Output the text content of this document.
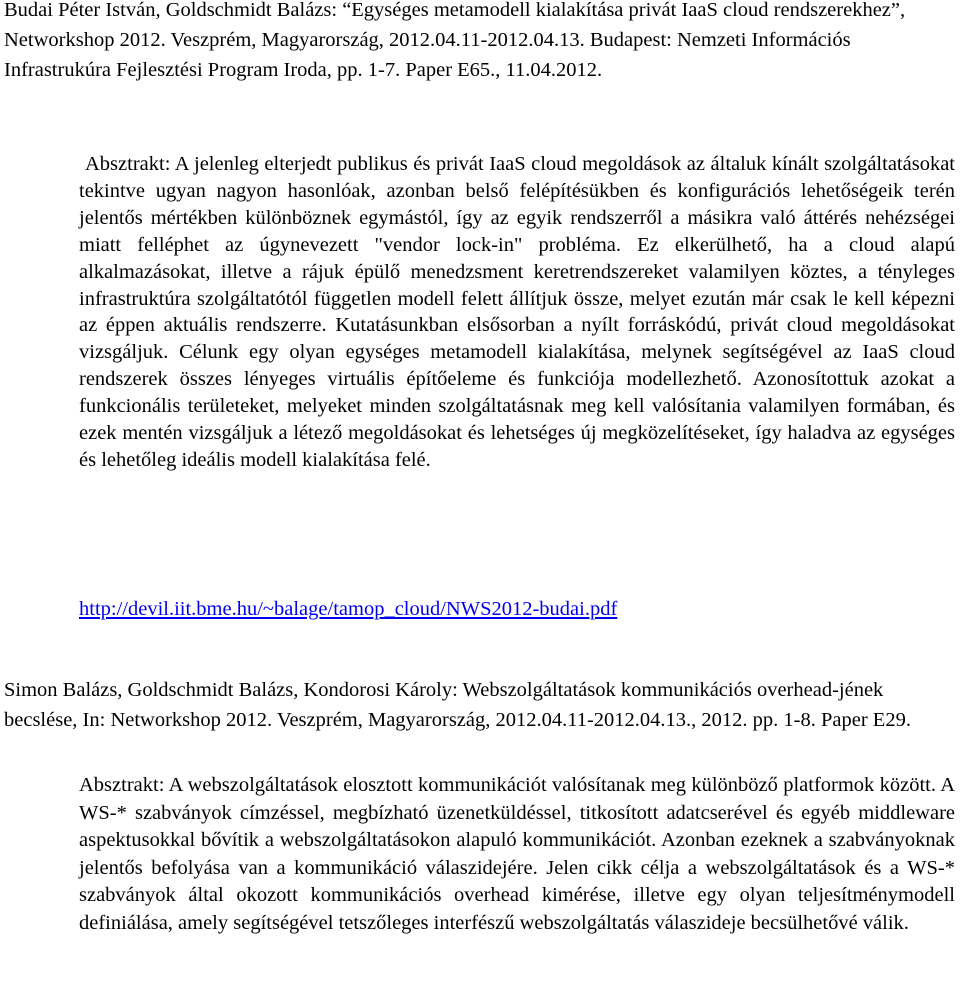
Budai Péter István, Goldschmidt Balázs: “Egységes metamodell kialakítása privát IaaS cloud rendszerekhez”, Networkshop 2012. Veszprém, Magyarország, 2012.04.11-2012.04.13. Budapest: Nemzeti Információs Infrastrukúra Fejlesztési Program Iroda, pp. 1-7. Paper E65., 11.04.2012.

Absztrakt: A jelenleg elterjedt publikus és privát IaaS cloud megoldások az általuk kínált szolgáltatásokat tekintve ugyan nagyon hasonlóak, azonban belső felépítésükben és konfigurációs lehetőségeik terén jelentős mértékben különböznek egymástól, így az egyik rendszerről a másikra való áttérés nehézségei miatt felléphet az úgynevezett "vendor lock-in" probléma. Ez elkerülhető, ha a cloud alapú alkalmazásokat, illetve a rájuk épülő menedzsment keretrendszereket valamilyen köztes, a tényleges infrastruktúra szolgáltatótól független modell felett állítjuk össze, melyet ezután már csak le kell képezni az éppen aktuális rendszerre. Kutatásunkban elsősorban a nyílt forráskódú, privát cloud megoldásokat vizsgáljuk. Célunk egy olyan egységes metamodell kialakítása, melynek segítségével az IaaS cloud rendszerek összes lényeges virtuális építőeleme és funkciója modellezhető. Azonosítottuk azokat a funkcionális területeket, melyeket minden szolgáltatásnak meg kell valósítania valamilyen formában, és ezek mentén vizsgáljuk a létező megoldásokat és lehetséges új megközelítéseket, így haladva az egységes és lehetőleg ideális modell kialakítása felé.

http://devil.iit.bme.hu/~balage/tamop_cloud/NWS2012-budai.pdf

Simon Balázs, Goldschmidt Balázs, Kondorosi Károly: Webszolgáltatások kommunikációs overhead-jének becslése, In: Networkshop 2012. Veszprém, Magyarország, 2012.04.11-2012.04.13., 2012. pp. 1-8. Paper E29.

Absztrakt: A webszolgáltatások elosztott kommunikációt valósítanak meg különböző platformok között. A WS-* szabványok címzéssel, megbízható üzenetküldéssel, titkosított adatcserével és egyéb middleware aspektusokkal bővítik a webszolgáltatásokon alapuló kommunikációt. Azonban ezeknek a szabványoknak jelentős befolyása van a kommunikáció válaszidejére. Jelen cikk célja a webszolgáltatások és a WS-* szabványok által okozott kommunikációs overhead kimérése, illetve egy olyan teljesítménymodell definiálása, amely segítségével tetszőleges interfészű webszolgáltatás válaszideje becsülhetővé válik.
